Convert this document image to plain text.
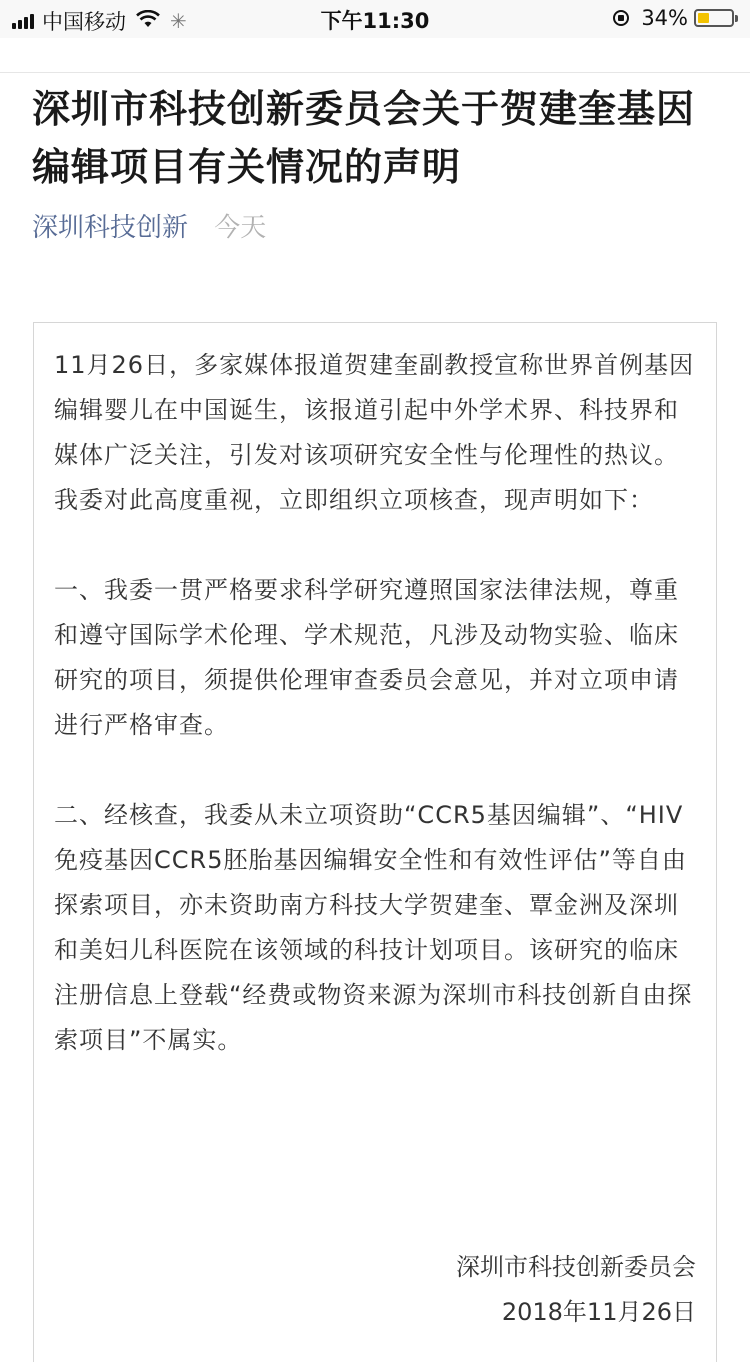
中国移动 ✳	下午11:30	34%
深圳市科技创新委员会关于贺建奎基因编辑项目有关情况的声明
深圳科技创新 今天

11月26日，多家媒体报道贺建奎副教授宣称世界首例基因编辑婴儿在中国诞生，该报道引起中外学术界、科技界和媒体广泛关注，引发对该项研究安全性与伦理性的热议。我委对此高度重视，立即组织立项核查，现声明如下：

一、我委一贯严格要求科学研究遵照国家法律法规，尊重和遵守国际学术伦理、学术规范，凡涉及动物实验、临床研究的项目，须提供伦理审查委员会意见，并对立项申请进行严格审查。

二、经核查，我委从未立项资助“CCR5基因编辑”、“HIV免疫基因CCR5胚胎基因编辑安全性和有效性评估”等自由探索项目，亦未资助南方科技大学贺建奎、覃金洲及深圳和美妇儿科医院在该领域的科技计划项目。该研究的临床注册信息上登载“经费或物资来源为深圳市科技创新自由探索项目”不属实。

深圳市科技创新委员会
2018年11月26日
